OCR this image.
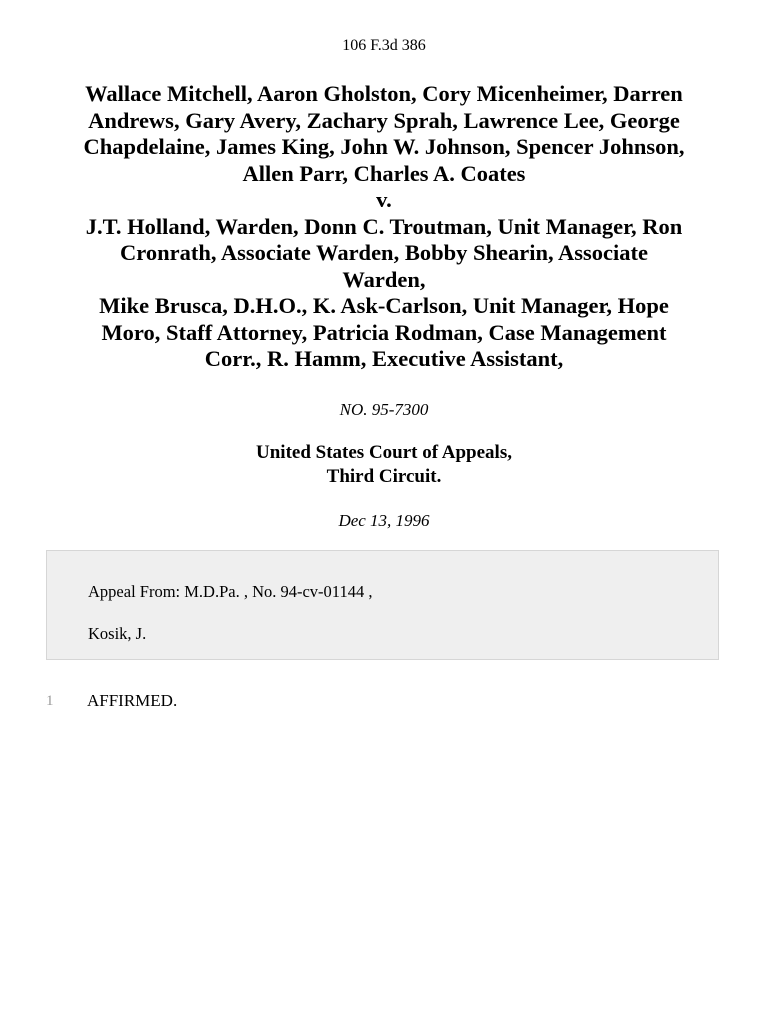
106 F.3d 386
Wallace Mitchell, Aaron Gholston, Cory Micenheimer, Darren
Andrews, Gary Avery, Zachary Sprah, Lawrence Lee, George
Chapdelaine, James King, John W. Johnson, Spencer Johnson,
Allen Parr, Charles A. Coates
v.
J.T. Holland, Warden, Donn C. Troutman, Unit Manager, Ron
Cronrath, Associate Warden, Bobby Shearin, Associate
Warden,
Mike Brusca, D.H.O., K. Ask-Carlson, Unit Manager, Hope
Moro, Staff Attorney, Patricia Rodman, Case Management
Corr., R. Hamm, Executive Assistant,
NO. 95-7300
United States Court of Appeals,
Third Circuit.
Dec 13, 1996
Appeal From: M.D.Pa. , No. 94-cv-01144 ,
Kosik, J.
1 AFFIRMED.
